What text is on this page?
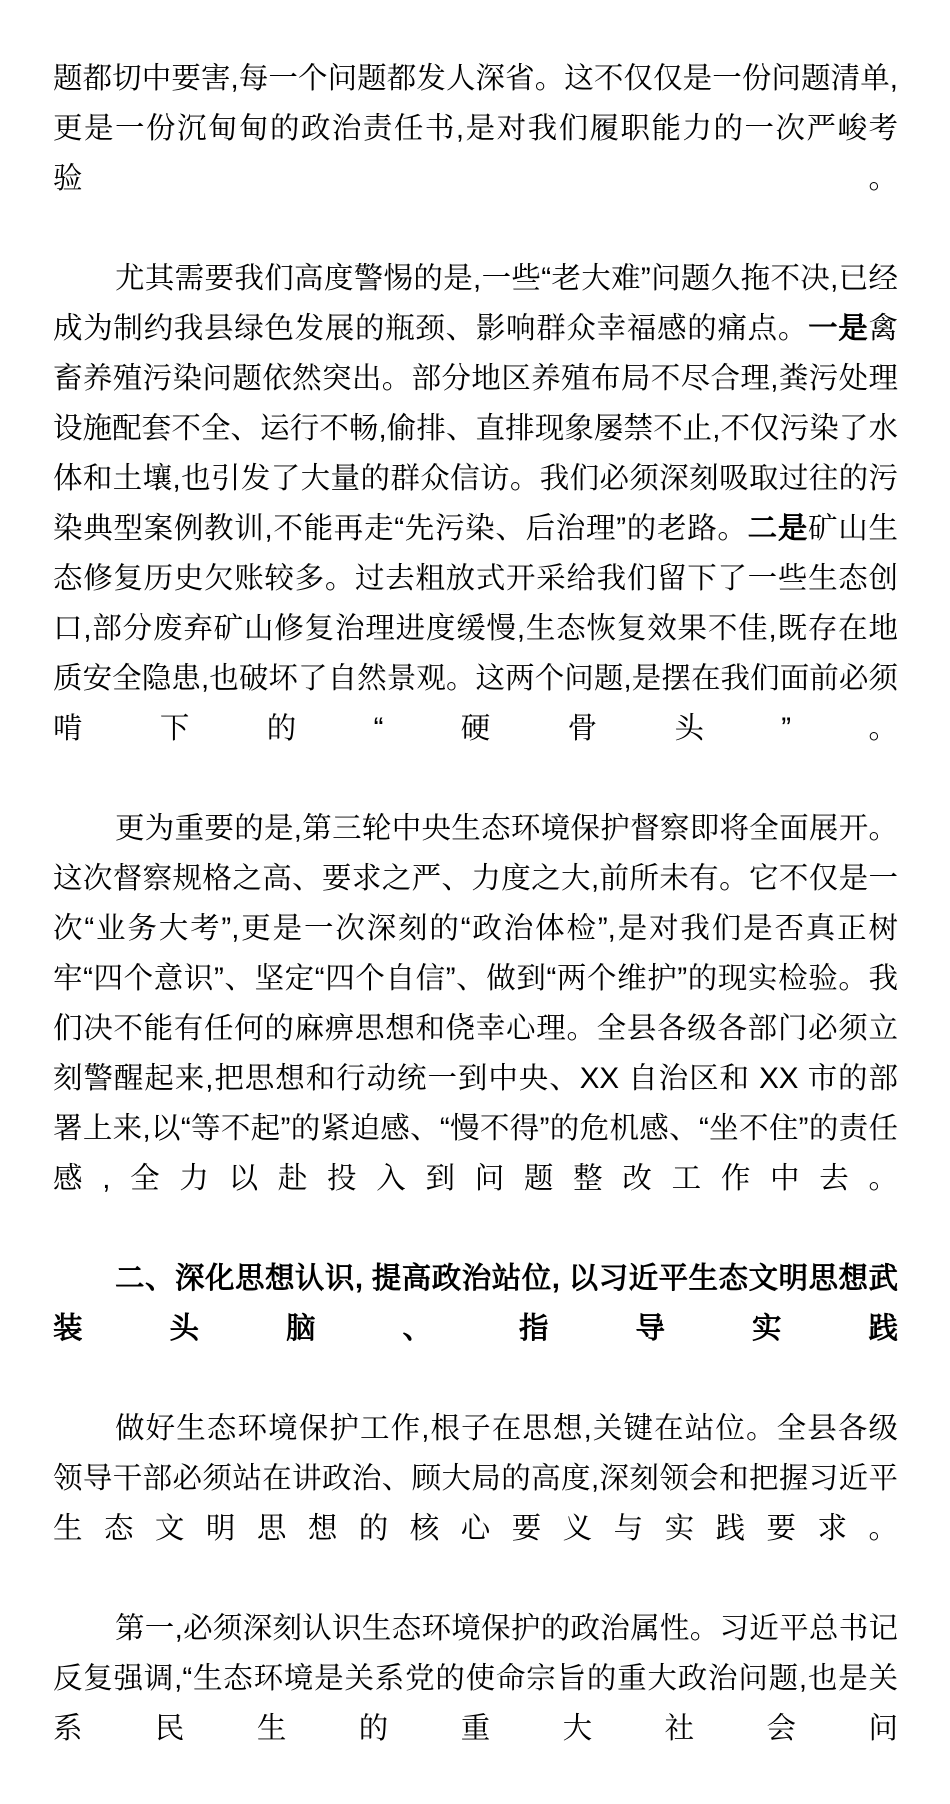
题都切中要害,每一个问题都发人深省。这不仅仅是一份问题清单,更是一份沉甸甸的政治责任书,是对我们履职能力的一次严峻考验。

尤其需要我们高度警惕的是,一些“老大难”问题久拖不决,已经成为制约我县绿色发展的瓶颈、影响群众幸福感的痛点。一是禽畜养殖污染问题依然突出。部分地区养殖布局不尽合理,粪污处理设施配套不全、运行不畅,偷排、直排现象屡禁不止,不仅污染了水体和土壤,也引发了大量的群众信访。我们必须深刻吸取过往的污染典型案例教训,不能再走“先污染、后治理”的老路。二是矿山生态修复历史欠账较多。过去粗放式开采给我们留下了一些生态创口,部分废弃矿山修复治理进度缓慢,生态恢复效果不佳,既存在地质安全隐患,也破坏了自然景观。这两个问题,是摆在我们面前必须啃下的“硬骨头”。

更为重要的是,第三轮中央生态环境保护督察即将全面展开。这次督察规格之高、要求之严、力度之大,前所未有。它不仅是一次“业务大考”,更是一次深刻的“政治体检”,是对我们是否真正树牢“四个意识”、坚定“四个自信”、做到“两个维护”的现实检验。我们决不能有任何的麻痹思想和侥幸心理。全县各级各部门必须立刻警醒起来,把思想和行动统一到中央、XX 自治区和 XX 市的部署上来,以“等不起”的紧迫感、“慢不得”的危机感、“坐不住”的责任感,全力以赴投入到问题整改工作中去。

二、深化思想认识, 提高政治站位, 以习近平生态文明思想武装头脑、指导实践

做好生态环境保护工作,根子在思想,关键在站位。全县各级领导干部必须站在讲政治、顾大局的高度,深刻领会和把握习近平生态文明思想的核心要义与实践要求。

第一,必须深刻认识生态环境保护的政治属性。习近平总书记反复强调,“生态环境是关系党的使命宗旨的重大政治问题,也是关系民生的重大社会问
